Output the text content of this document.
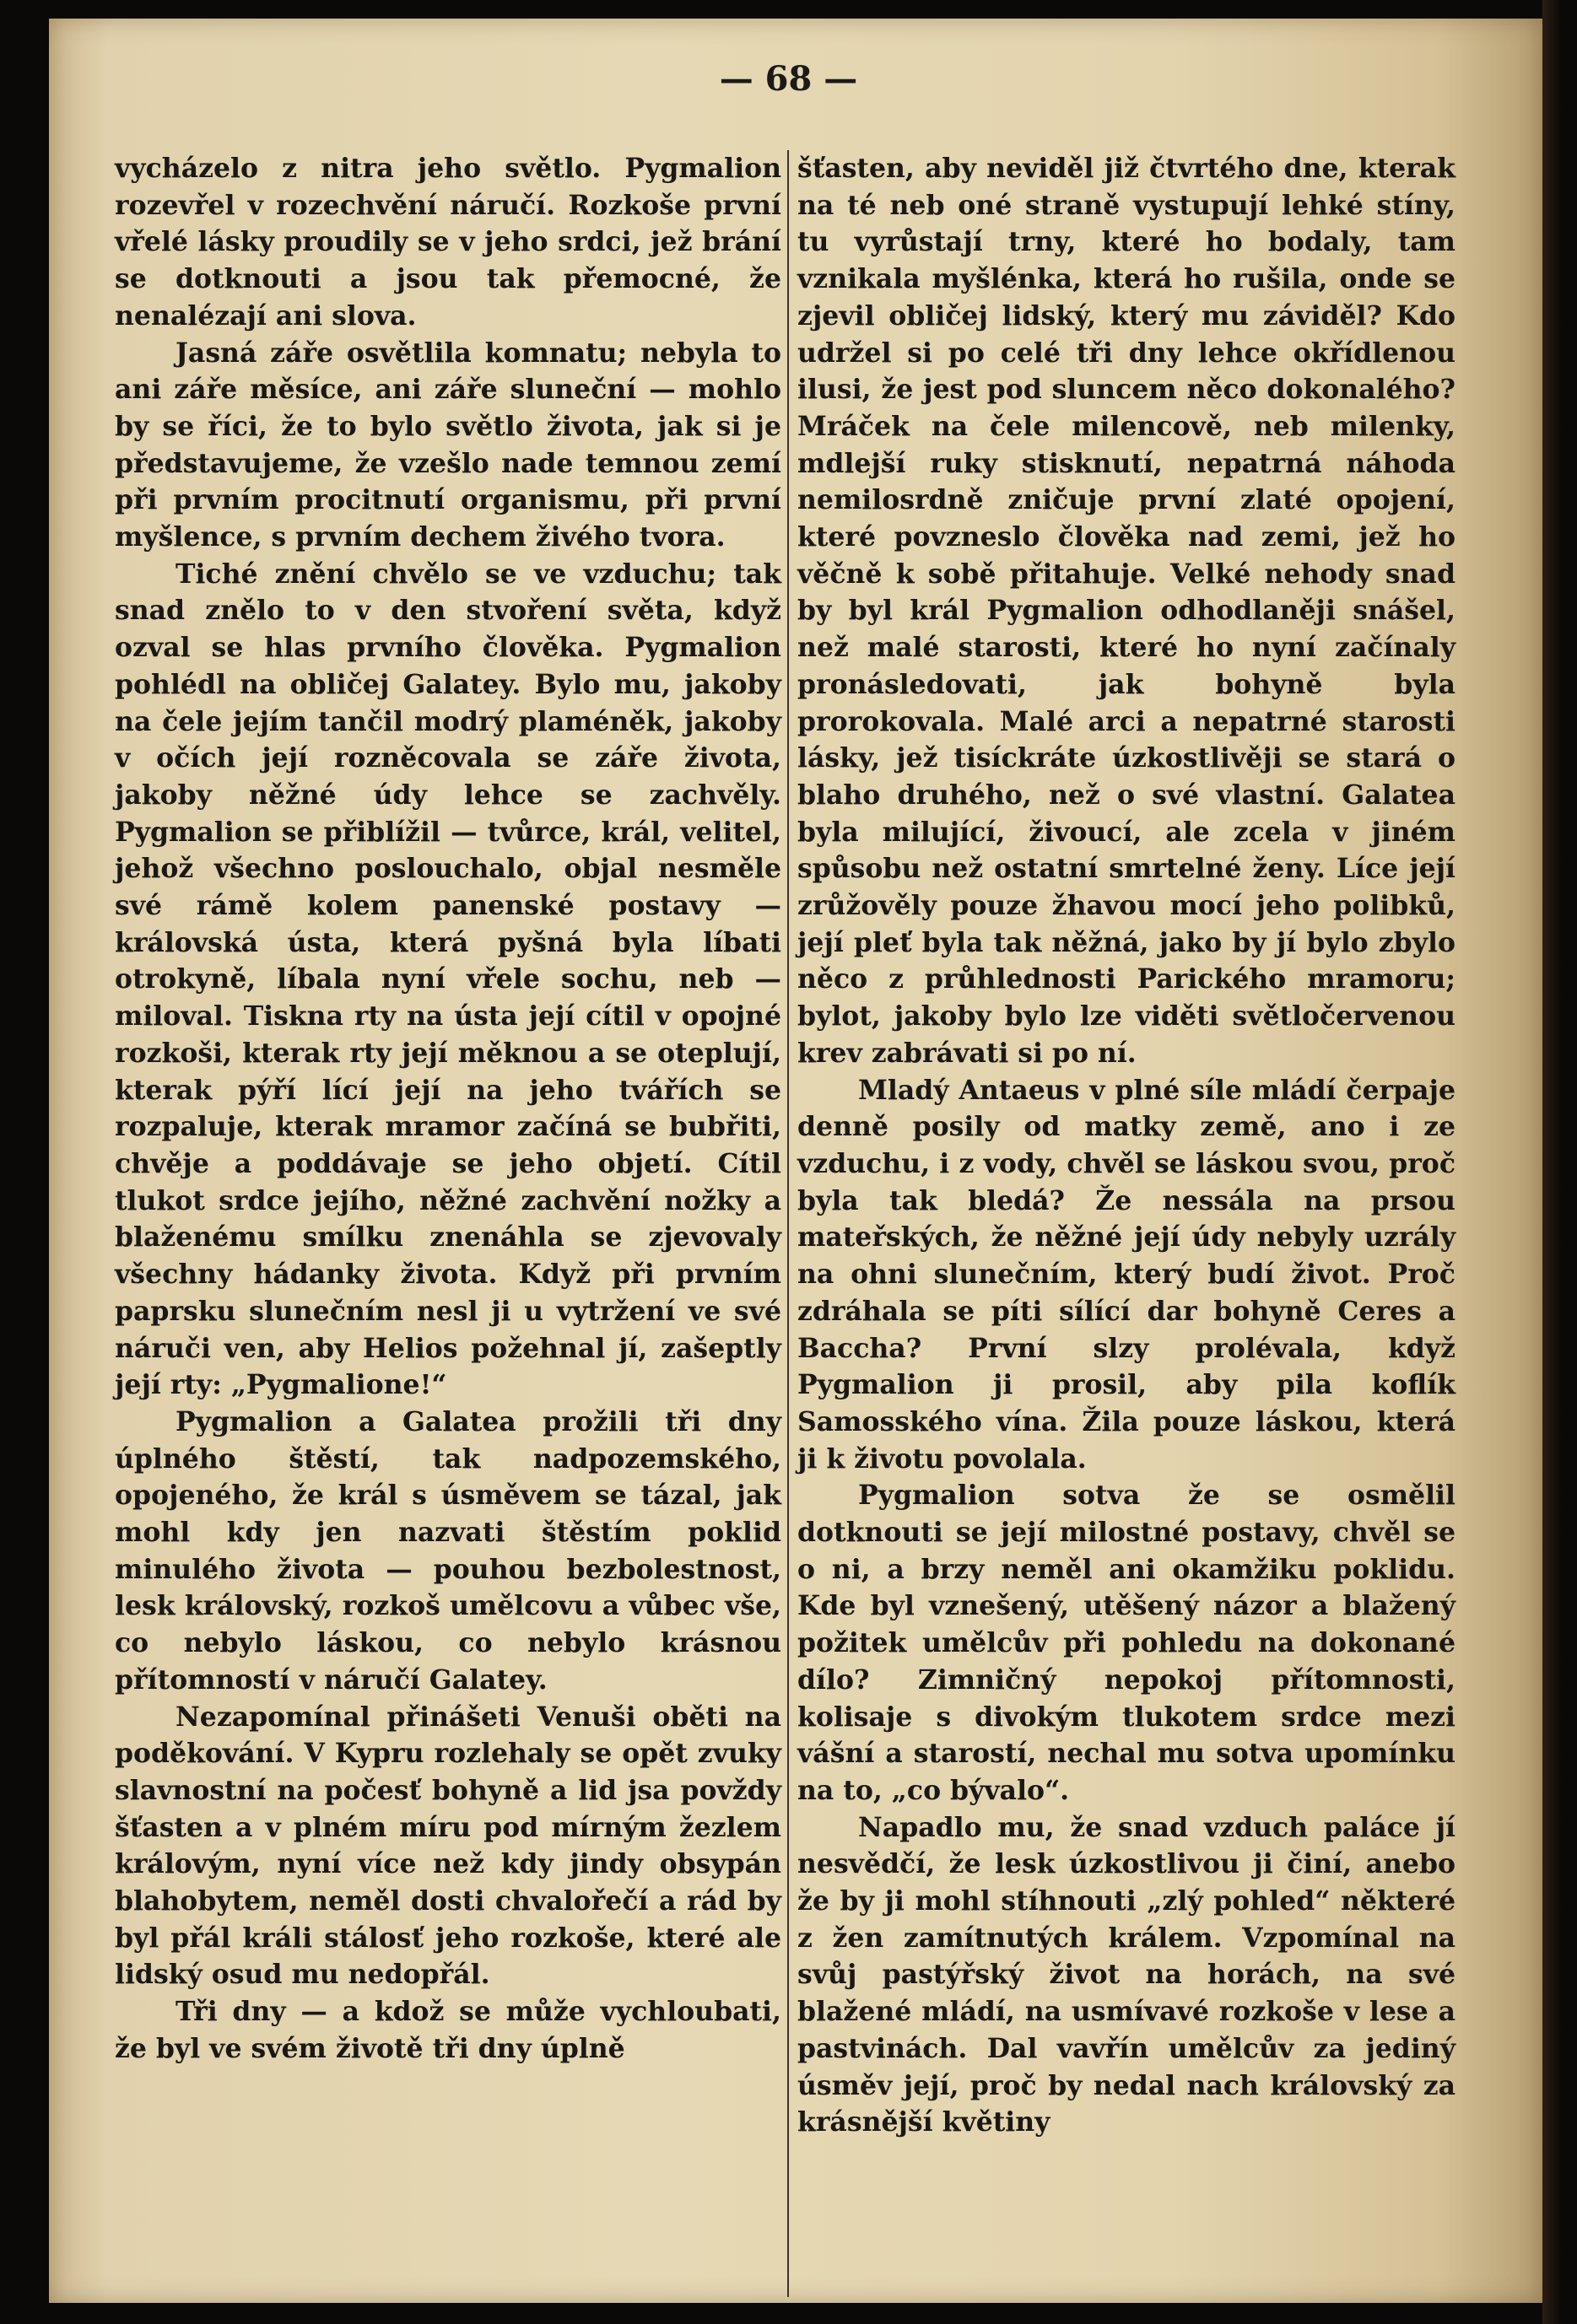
— 68 —

vycházelo z nitra jeho světlo. Pygmalion rozevřel v rozechvění náručí. Rozkoše první vřelé lásky proudily se v jeho srdci, jež brání se dotknouti a jsou tak přemocné, že nenalézají ani slova.

Jasná záře osvětlila komnatu; nebyla to ani záře měsíce, ani záře sluneční — mohlo by se říci, že to bylo světlo života, jak si je představujeme, že vzešlo nade temnou zemí při prvním procitnutí organismu, při první myšlence, s prvním dechem živého tvora.

Tiché znění chvělo se ve vzduchu; tak snad znělo to v den stvoření světa, když ozval se hlas prvního člověka. Pygmalion pohlédl na obličej Galatey. Bylo mu, jakoby na čele jejím tančil modrý plaméněk, jakoby v očích její rozněcovala se záře života, jakoby něžné údy lehce se zachvěly. Pygmalion se přiblížil — tvůrce, král, velitel, jehož všechno poslouchalo, objal nesměle své rámě kolem panenské postavy — královská ústa, která pyšná byla líbati otrokyně, líbala nyní vřele sochu, neb — miloval. Tiskna rty na ústa její cítil v opojné rozkoši, kterak rty její měknou a se oteplují, kterak pýří lící její na jeho tvářích se rozpaluje, kterak mramor začíná se bubřiti, chvěje a poddávaje se jeho objetí. Cítil tlukot srdce jejího, něžné zachvění nožky a blaženému smílku znenáhla se zjevovaly všechny hádanky života. Když při prvním paprsku slunečním nesl ji u vytržení ve své náruči ven, aby Helios požehnal jí, zašeptly její rty: „Pygmalione!“

Pygmalion a Galatea prožili tři dny úplného štěstí, tak nadpozemského, opojeného, že král s úsměvem se tázal, jak mohl kdy jen nazvati štěstím poklid minulého života — pouhou bezbolestnost, lesk královský, rozkoš umělcovu a vůbec vše, co nebylo láskou, co nebylo krásnou přítomností v náručí Galatey.

Nezapomínal přinášeti Venuši oběti na poděkování. V Kypru rozlehaly se opět zvuky slavnostní na počesť bohyně a lid jsa povždy šťasten a v plném míru pod mírným žezlem královým, nyní více než kdy jindy obsypán blahobytem, neměl dosti chvalořečí a rád by byl přál králi stálosť jeho rozkoše, které ale lidský osud mu nedopřál.

Tři dny — a kdož se může vychloubati, že byl ve svém životě tři dny úplně

šťasten, aby neviděl již čtvrtého dne, kterak na té neb oné straně vystupují lehké stíny, tu vyrůstají trny, které ho bodaly, tam vznikala myšlénka, která ho rušila, onde se zjevil obličej lidský, který mu záviděl? Kdo udržel si po celé tři dny lehce okřídlenou ilusi, že jest pod sluncem něco dokonalého? Mráček na čele milencově, neb milenky, mdlejší ruky stisknutí, nepatrná náhoda nemilosrdně zničuje první zlaté opojení, které povzneslo člověka nad zemi, jež ho věčně k sobě přitahuje. Velké nehody snad by byl král Pygmalion odhodlaněji snášel, než malé starosti, které ho nyní začínaly pronásledovati, jak bohyně byla prorokovala. Malé arci a nepatrné starosti lásky, jež tisíckráte úzkostlivěji se stará o blaho druhého, než o své vlastní. Galatea byla milující, živoucí, ale zcela v jiném spůsobu než ostatní smrtelné ženy. Líce její zrůžověly pouze žhavou mocí jeho polibků, její pleť byla tak něžná, jako by jí bylo zbylo něco z průhlednosti Parického mramoru; bylot, jakoby bylo lze viděti světločervenou krev zabrávati si po ní.

Mladý Antaeus v plné síle mládí čerpaje denně posily od matky země, ano i ze vzduchu, i z vody, chvěl se láskou svou, proč byla tak bledá? Že nessála na prsou mateřských, že něžné její údy nebyly uzrály na ohni slunečním, který budí život. Proč zdráhala se píti sílící dar bohyně Ceres a Baccha? První slzy prolévala, když Pygmalion ji prosil, aby pila koflík Samosského vína. Žila pouze láskou, která ji k životu povolala.

Pygmalion sotva že se osmělil dotknouti se její milostné postavy, chvěl se o ni, a brzy neměl ani okamžiku poklidu. Kde byl vznešený, utěšený názor a blažený požitek umělcův při pohledu na dokonané dílo? Zimničný nepokoj přítomnosti, kolisaje s divokým tlukotem srdce mezi vášní a starostí, nechal mu sotva upomínku na to, „co bývalo“.

Napadlo mu, že snad vzduch paláce jí nesvědčí, že lesk úzkostlivou ji činí, anebo že by ji mohl stíhnouti „zlý pohled“ některé z žen zamítnutých králem. Vzpomínal na svůj pastýřský život na horách, na své blažené mládí, na usmívavé rozkoše v lese a pastvinách. Dal vavřín umělcův za jediný úsměv její, proč by nedal nach královský za krásnější květiny
